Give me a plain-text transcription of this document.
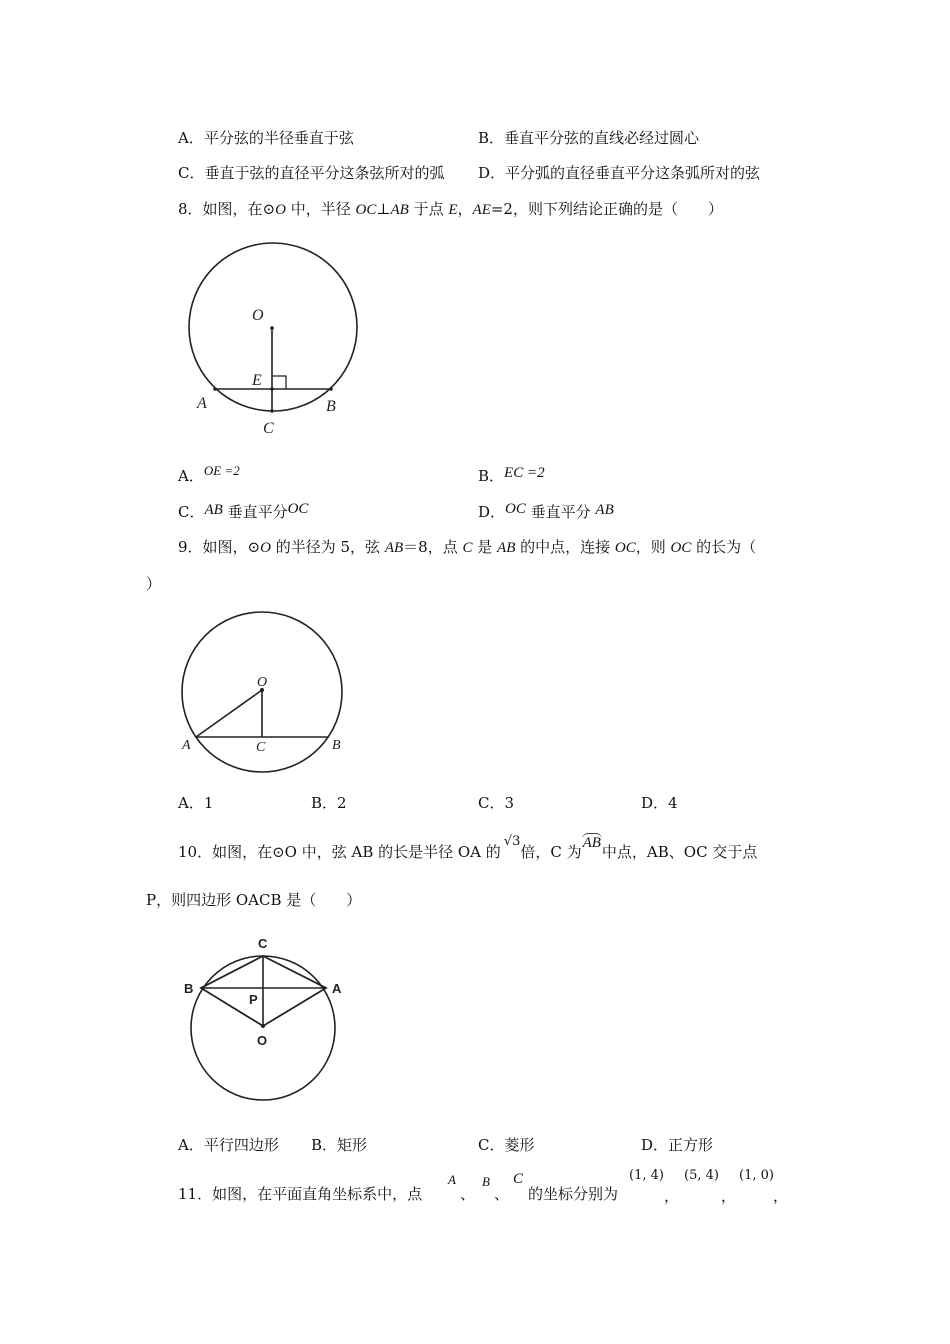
A．平分弦的半径垂直于弦	B．垂直平分弦的直线必经过圆心
C．垂直于弦的直径平分这条弦所对的弧 D．平分弧的直径垂直平分这条弧所对的弦
8．如图，在⊙O 中，半径 OC⊥AB 于点 E，AE=2，则下列结论正确的是（　　）
O
E
A	B
C
A．OE =2	B．EC =2
C．AB 垂直平分OC	D．OC 垂直平分 AB
9．如图，⊙O 的半径为 5，弦 AB＝8，点 C 是 AB 的中点，连接 OC，则 OC 的长为（
）
O
A	B
C
A．1	B．2	C．3	D．4
10．如图，在⊙O 中，弦 AB 的长是半径 OA 的√3倍，C 为AB中点，AB、OC 交于点
P，则四边形 OACB 是（　　）
C
B	A
P
O
A．平行四边形 B．矩形	C．菱形	D．正方形
11．如图，在平面直角坐标系中，点
A
、
B
、
C
的坐标分别为
(1, 4)
，
(5, 4)
，
(1, 0)
，
